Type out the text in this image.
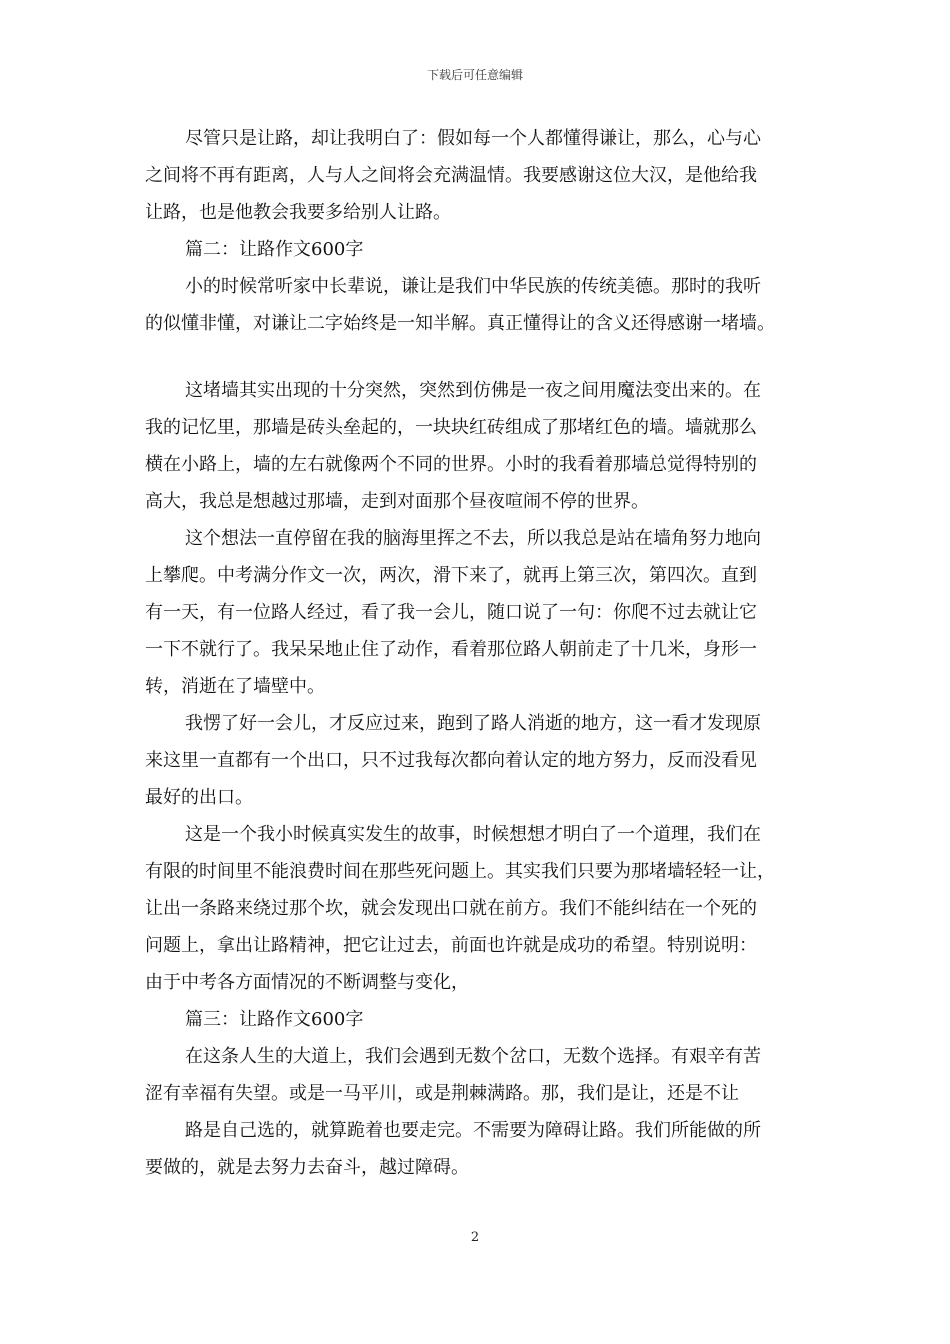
下载后可任意编辑
尽管只是让路，却让我明白了：假如每一个人都懂得谦让，那么，心与心
之间将不再有距离，人与人之间将会充满温情。我要感谢这位大汉，是他给我
让路，也是他教会我要多给别人让路。
篇二：让路作文600字
小的时候常听家中长辈说，谦让是我们中华民族的传统美德。那时的我听
的似懂非懂，对谦让二字始终是一知半解。真正懂得让的含义还得感谢一堵墙。
这堵墙其实出现的十分突然，突然到仿佛是一夜之间用魔法变出来的。在
我的记忆里，那墙是砖头垒起的，一块块红砖组成了那堵红色的墙。墙就那么
横在小路上，墙的左右就像两个不同的世界。小时的我看着那墙总觉得特别的
高大，我总是想越过那墙，走到对面那个昼夜喧闹不停的世界。
这个想法一直停留在我的脑海里挥之不去，所以我总是站在墙角努力地向
上攀爬。中考满分作文一次，两次，滑下来了，就再上第三次，第四次。直到
有一天，有一位路人经过，看了我一会儿，随口说了一句：你爬不过去就让它
一下不就行了。我呆呆地止住了动作，看着那位路人朝前走了十几米，身形一
转，消逝在了墙壁中。
我愣了好一会儿，才反应过来，跑到了路人消逝的地方，这一看才发现原
来这里一直都有一个出口，只不过我每次都向着认定的地方努力，反而没看见
最好的出口。
这是一个我小时候真实发生的故事，时候想想才明白了一个道理，我们在
有限的时间里不能浪费时间在那些死问题上。其实我们只要为那堵墙轻轻一让，
让出一条路来绕过那个坎，就会发现出口就在前方。我们不能纠结在一个死的
问题上，拿出让路精神，把它让过去，前面也许就是成功的希望。特别说明：
由于中考各方面情况的不断调整与变化，
篇三：让路作文600字
在这条人生的大道上，我们会遇到无数个岔口，无数个选择。有艰辛有苦
涩有幸福有失望。或是一马平川，或是荆棘满路。那，我们是让，还是不让
路是自己选的，就算跪着也要走完。不需要为障碍让路。我们所能做的所
要做的，就是去努力去奋斗，越过障碍。
2
